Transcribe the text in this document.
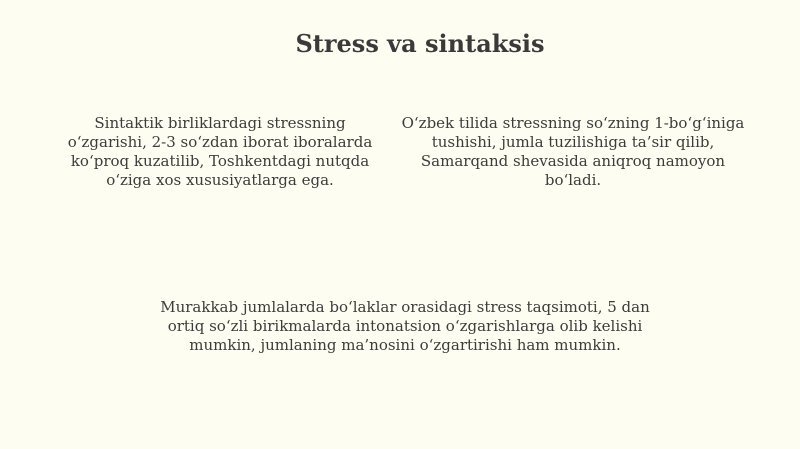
Stress va sintaksis

Sintaktik birliklardagi stressning o‘zgarishi, 2-3 so‘zdan iborat iboralarda ko‘proq kuzatilib, Toshkentdagi nutqda o‘ziga xos xususiyatlarga ega.

O‘zbek tilida stressning so‘zning 1-bo‘g‘iniga tushishi, jumla tuzilishiga ta’sir qilib, Samarqand shevasida aniqroq namoyon bo‘ladi.

Murakkab jumlalarda bo‘laklar orasidagi stress taqsimoti, 5 dan ortiq so‘zli birikmalarda intonatsion o‘zgarishlarga olib kelishi mumkin, jumlaning ma’nosini o‘zgartirishi ham mumkin.
